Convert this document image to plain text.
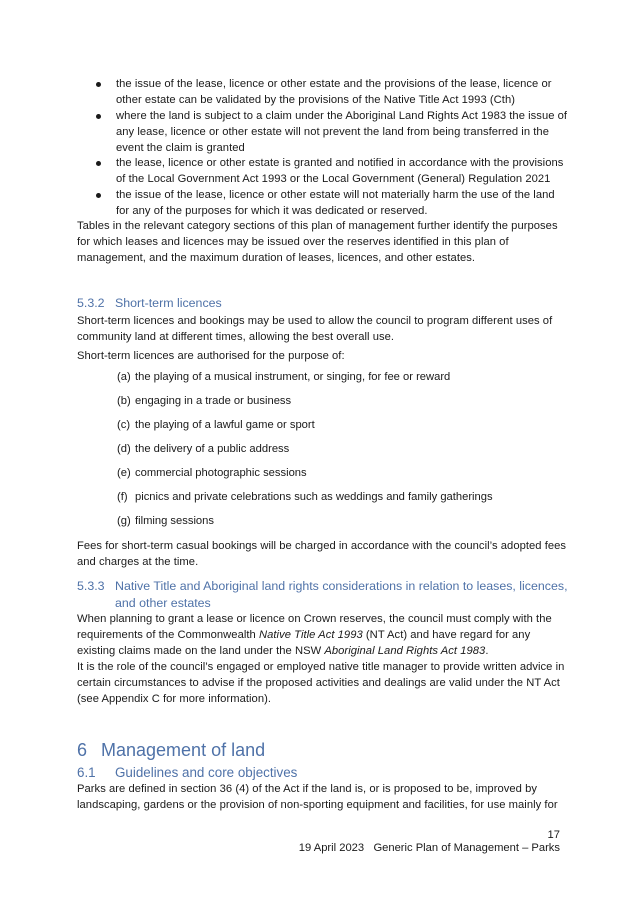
the issue of the lease, licence or other estate and the provisions of the lease, licence or other estate can be validated by the provisions of the Native Title Act 1993 (Cth)
where the land is subject to a claim under the Aboriginal Land Rights Act 1983 the issue of any lease, licence or other estate will not prevent the land from being transferred in the event the claim is granted
the lease, licence or other estate is granted and notified in accordance with the provisions of the Local Government Act 1993 or the Local Government (General) Regulation 2021
the issue of the lease, licence or other estate will not materially harm the use of the land for any of the purposes for which it was dedicated or reserved.
Tables in the relevant category sections of this plan of management further identify the purposes for which leases and licences may be issued over the reserves identified in this plan of management, and the maximum duration of leases, licences, and other estates.
5.3.2 Short-term licences
Short-term licences and bookings may be used to allow the council to program different uses of community land at different times, allowing the best overall use.
Short-term licences are authorised for the purpose of:
(a) the playing of a musical instrument, or singing, for fee or reward
(b) engaging in a trade or business
(c) the playing of a lawful game or sport
(d) the delivery of a public address
(e) commercial photographic sessions
(f) picnics and private celebrations such as weddings and family gatherings
(g) filming sessions
Fees for short-term casual bookings will be charged in accordance with the council’s adopted fees and charges at the time.
5.3.3 Native Title and Aboriginal land rights considerations in relation to leases, licences,
and other estates
When planning to grant a lease or licence on Crown reserves, the council must comply with the requirements of the Commonwealth Native Title Act 1993 (NT Act) and have regard for any existing claims made on the land under the NSW Aboriginal Land Rights Act 1983.
It is the role of the council’s engaged or employed native title manager to provide written advice in certain circumstances to advise if the proposed activities and dealings are valid under the NT Act (see Appendix C for more information).
6 Management of land
6.1 Guidelines and core objectives
Parks are defined in section 36 (4) of the Act if the land is, or is proposed to be, improved by landscaping, gardens or the provision of non-sporting equipment and facilities, for use mainly for
17
19 April 2023 Generic Plan of Management – Parks
